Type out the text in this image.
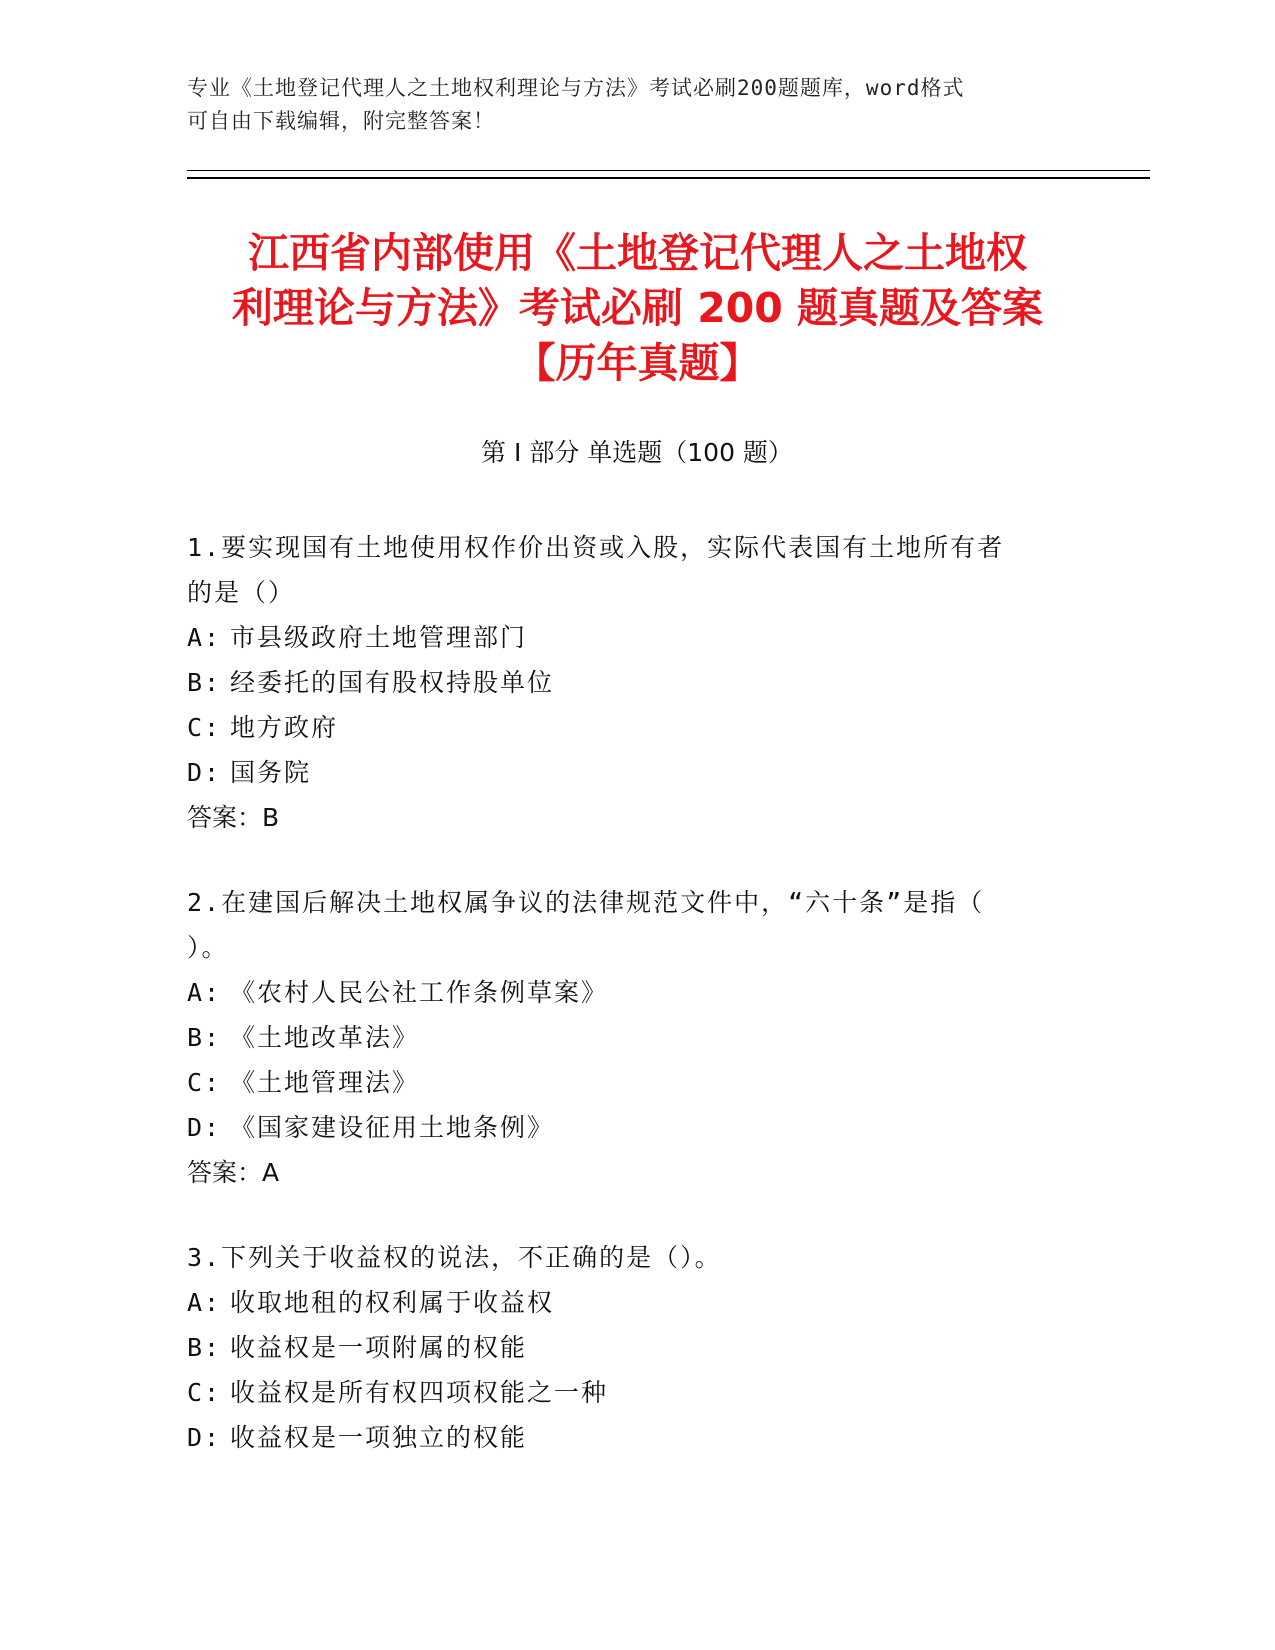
专业《土地登记代理人之土地权利理论与方法》考试必刷200题题库，word格式
可自由下载编辑，附完整答案！
江西省内部使用《土地登记代理人之土地权
利理论与方法》考试必刷 200 题真题及答案
【历年真题】
第 I 部分 单选题（100 题）
1.要实现国有土地使用权作价出资或入股，实际代表国有土地所有者
的是（）
A: 市县级政府土地管理部门
B: 经委托的国有股权持股单位
C: 地方政府
D: 国务院
答案：B
2.在建国后解决土地权属争议的法律规范文件中，“六十条”是指（
）。
A: 《农村人民公社工作条例草案》
B: 《土地改革法》
C: 《土地管理法》
D: 《国家建设征用土地条例》
答案：A
3.下列关于收益权的说法，不正确的是（）。
A: 收取地租的权利属于收益权
B: 收益权是一项附属的权能
C: 收益权是所有权四项权能之一种
D: 收益权是一项独立的权能
